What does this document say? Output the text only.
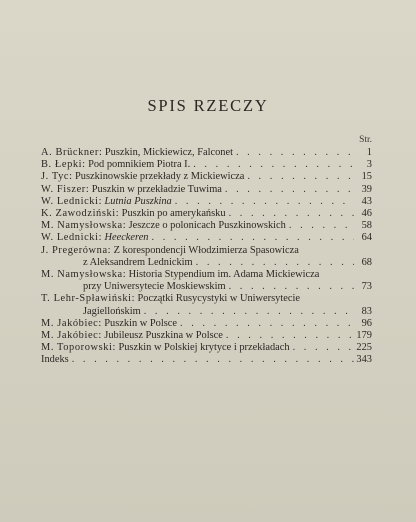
SPIS RZECZY
Str.
A. Brückner : Puszkin, Mickiewicz, Falconet . . .	1
B. Łepki : Pod pomnikiem Piotra I. . . .	3
J. Tyc : Puszkinowskie przekłady z Mickiewicza . . .	15
W. Fiszer : Puszkin w przekładzie Tuwima . . .	39
W. Lednicki : Lutnia Puszkina . . .	43
K. Zawodziński : Puszkin po amerykańsku . . .	46
M. Namysłowska : Jeszcze o polonicach Puszkinowskich . . .	58
W. Lednicki : Heeckeren . . .	64
J. Pregerówna : Z korespondencji Włodzimierza Spasowicza
z Aleksandrem Lednickim . . .	68
M. Namysłowska : Historia Stypendium im. Adama Mickiewicza
przy Uniwersytecie Moskiewskim . . .	73
T. Lehr-Spławiński : Początki Rusycystyki w Uniwersytecie
Jagiellońskim . . .	83
M. Jakóbiec : Puszkin w Polsce . . .	96
M. Jakóbiec : Jubileusz Puszkina w Polsce . . .	179
M. Toporowski : Puszkin w Polskiej krytyce i przekładach . . .	225
Indeks . . .	343
